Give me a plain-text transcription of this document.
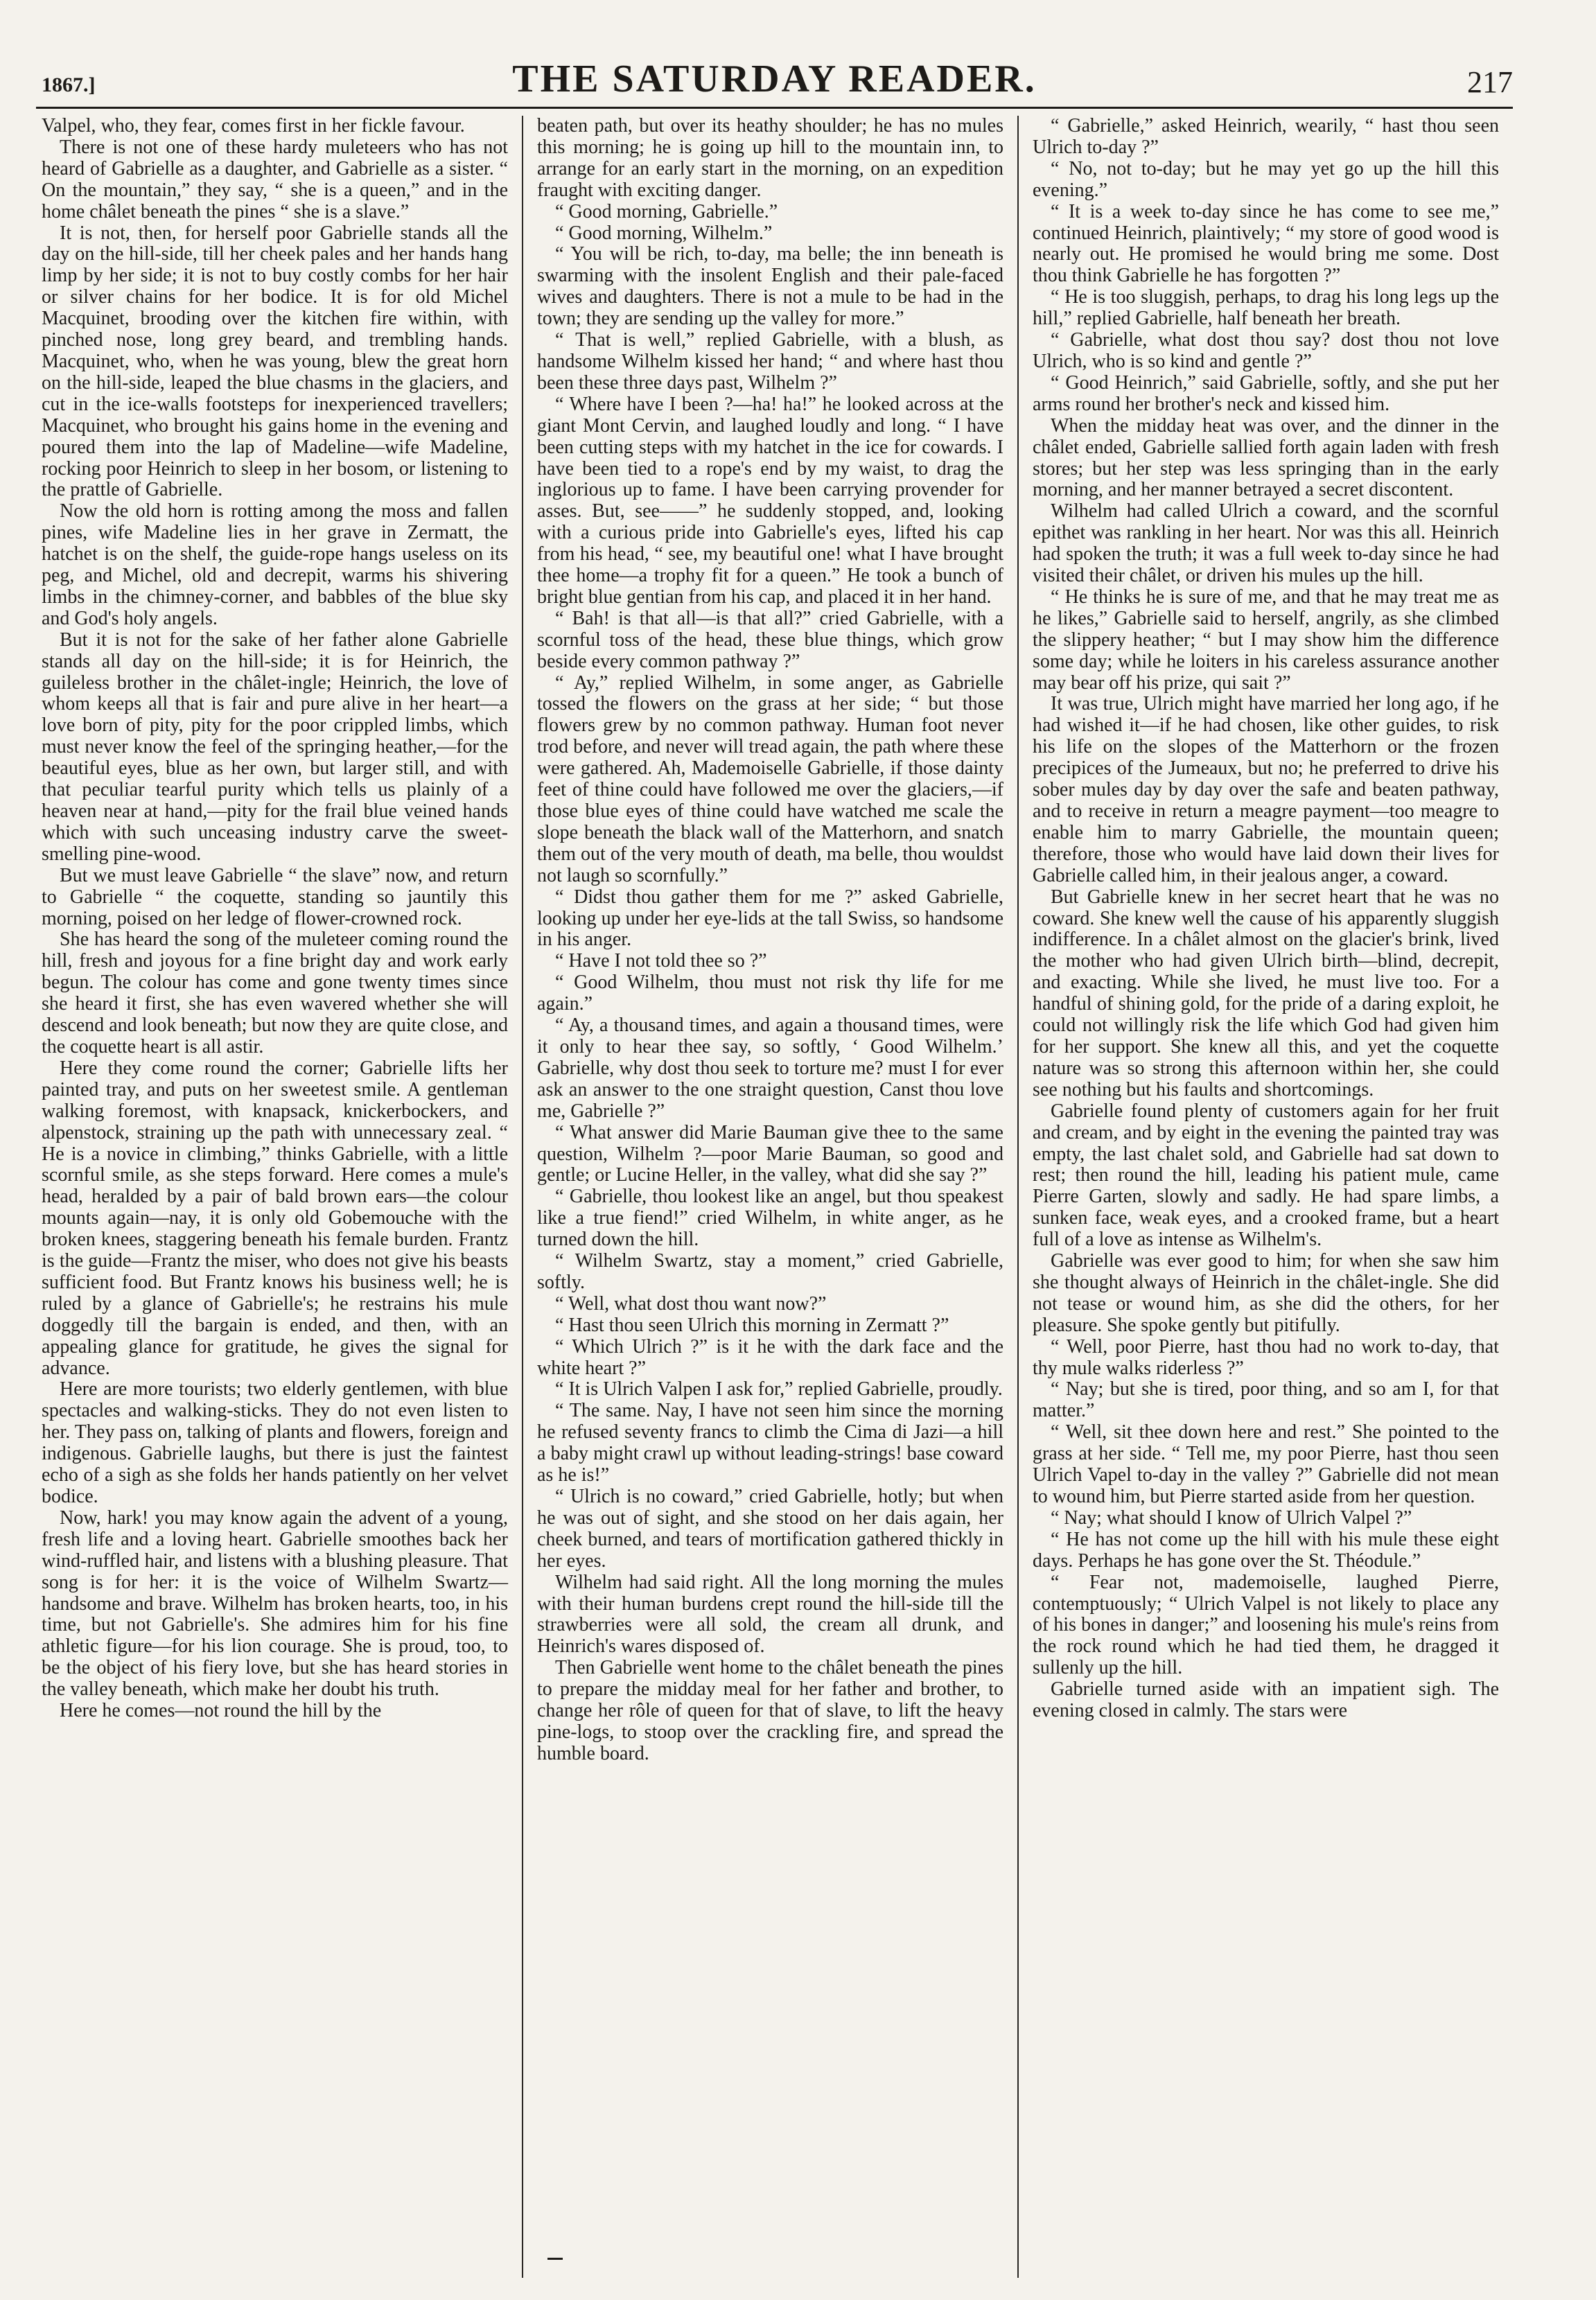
1867.]	THE SATURDAY READER.	217

Valpel, who, they fear, comes first in her fickle favour.

There is not one of these hardy muleteers who has not heard of Gabrielle as a daughter, and Gabrielle as a sister. “ On the mountain,” they say, “ she is a queen,” and in the home châlet beneath the pines “ she is a slave.”

It is not, then, for herself poor Gabrielle stands all the day on the hill-side, till her cheek pales and her hands hang limp by her side; it is not to buy costly combs for her hair or silver chains for her bodice. It is for old Michel Macquinet, brooding over the kitchen fire within, with pinched nose, long grey beard, and trembling hands. Macquinet, who, when he was young, blew the great horn on the hill-side, leaped the blue chasms in the glaciers, and cut in the ice-walls footsteps for inexperienced travellers; Macquinet, who brought his gains home in the evening and poured them into the lap of Madeline—wife Madeline, rocking poor Heinrich to sleep in her bosom, or listening to the prattle of Gabrielle.

Now the old horn is rotting among the moss and fallen pines, wife Madeline lies in her grave in Zermatt, the hatchet is on the shelf, the guide-rope hangs useless on its peg, and Michel, old and decrepit, warms his shivering limbs in the chimney-corner, and babbles of the blue sky and God's holy angels.

But it is not for the sake of her father alone Gabrielle stands all day on the hill-side; it is for Heinrich, the guileless brother in the châlet-ingle; Heinrich, the love of whom keeps all that is fair and pure alive in her heart—a love born of pity, pity for the poor crippled limbs, which must never know the feel of the springing heather,—for the beautiful eyes, blue as her own, but larger still, and with that peculiar tearful purity which tells us plainly of a heaven near at hand,—pity for the frail blue veined hands which with such unceasing industry carve the sweet-smelling pine-wood.

But we must leave Gabrielle “ the slave” now, and return to Gabrielle “ the coquette, standing so jauntily this morning, poised on her ledge of flower-crowned rock.

She has heard the song of the muleteer coming round the hill, fresh and joyous for a fine bright day and work early begun. The colour has come and gone twenty times since she heard it first, she has even wavered whether she will descend and look beneath; but now they are quite close, and the coquette heart is all astir.

Here they come round the corner; Gabrielle lifts her painted tray, and puts on her sweetest smile. A gentleman walking foremost, with knapsack, knickerbockers, and alpenstock, straining up the path with unnecessary zeal. “ He is a novice in climbing,” thinks Gabrielle, with a little scornful smile, as she steps forward. Here comes a mule's head, heralded by a pair of bald brown ears—the colour mounts again—nay, it is only old Gobemouche with the broken knees, staggering beneath his female burden. Frantz is the guide—Frantz the miser, who does not give his beasts sufficient food. But Frantz knows his business well; he is ruled by a glance of Gabrielle's; he restrains his mule doggedly till the bargain is ended, and then, with an appealing glance for gratitude, he gives the signal for advance.

Here are more tourists; two elderly gentlemen, with blue spectacles and walking-sticks. They do not even listen to her. They pass on, talking of plants and flowers, foreign and indigenous. Gabrielle laughs, but there is just the faintest echo of a sigh as she folds her hands patiently on her velvet bodice.

Now, hark! you may know again the advent of a young, fresh life and a loving heart. Gabrielle smoothes back her wind-ruffled hair, and listens with a blushing pleasure. That song is for her: it is the voice of Wilhelm Swartz—handsome and brave. Wilhelm has broken hearts, too, in his time, but not Gabrielle's. She admires him for his fine athletic figure—for his lion courage. She is proud, too, to be the object of his fiery love, but she has heard stories in the valley beneath, which make her doubt his truth.

Here he comes—not round the hill by the

beaten path, but over its heathy shoulder; he has no mules this morning; he is going up hill to the mountain inn, to arrange for an early start in the morning, on an expedition fraught with exciting danger.

“ Good morning, Gabrielle.”

“ Good morning, Wilhelm.”

“ You will be rich, to-day, ma belle; the inn beneath is swarming with the insolent English and their pale-faced wives and daughters. There is not a mule to be had in the town; they are sending up the valley for more.”

“ That is well,” replied Gabrielle, with a blush, as handsome Wilhelm kissed her hand; “ and where hast thou been these three days past, Wilhelm ?”

“ Where have I been ?—ha! ha!” he looked across at the giant Mont Cervin, and laughed loudly and long. “ I have been cutting steps with my hatchet in the ice for cowards. I have been tied to a rope's end by my waist, to drag the inglorious up to fame. I have been carrying provender for asses. But, see——” he suddenly stopped, and, looking with a curious pride into Gabrielle's eyes, lifted his cap from his head, “ see, my beautiful one! what I have brought thee home—a trophy fit for a queen.” He took a bunch of bright blue gentian from his cap, and placed it in her hand.

“ Bah! is that all—is that all?” cried Gabrielle, with a scornful toss of the head, these blue things, which grow beside every common pathway ?”

“ Ay,” replied Wilhelm, in some anger, as Gabrielle tossed the flowers on the grass at her side; “ but those flowers grew by no common pathway. Human foot never trod before, and never will tread again, the path where these were gathered. Ah, Mademoiselle Gabrielle, if those dainty feet of thine could have followed me over the glaciers,—if those blue eyes of thine could have watched me scale the slope beneath the black wall of the Matterhorn, and snatch them out of the very mouth of death, ma belle, thou wouldst not laugh so scornfully.”

“ Didst thou gather them for me ?” asked Gabrielle, looking up under her eye-lids at the tall Swiss, so handsome in his anger.

“ Have I not told thee so ?”

“ Good Wilhelm, thou must not risk thy life for me again.”

“ Ay, a thousand times, and again a thousand times, were it only to hear thee say, so softly, ‘ Good Wilhelm.’ Gabrielle, why dost thou seek to torture me? must I for ever ask an answer to the one straight question, Canst thou love me, Gabrielle ?”

“ What answer did Marie Bauman give thee to the same question, Wilhelm ?—poor Marie Bauman, so good and gentle; or Lucine Heller, in the valley, what did she say ?”

“ Gabrielle, thou lookest like an angel, but thou speakest like a true fiend!” cried Wilhelm, in white anger, as he turned down the hill.

“ Wilhelm Swartz, stay a moment,” cried Gabrielle, softly.

“ Well, what dost thou want now?”

“ Hast thou seen Ulrich this morning in Zermatt ?”

“ Which Ulrich ?” is it he with the dark face and the white heart ?”

“ It is Ulrich Valpen I ask for,” replied Gabrielle, proudly.

“ The same. Nay, I have not seen him since the morning he refused seventy francs to climb the Cima di Jazi—a hill a baby might crawl up without leading-strings! base coward as he is!”

“ Ulrich is no coward,” cried Gabrielle, hotly; but when he was out of sight, and she stood on her dais again, her cheek burned, and tears of mortification gathered thickly in her eyes.

Wilhelm had said right. All the long morning the mules with their human burdens crept round the hill-side till the strawberries were all sold, the cream all drunk, and Heinrich's wares disposed of.

Then Gabrielle went home to the châlet beneath the pines to prepare the midday meal for her father and brother, to change her rôle of queen for that of slave, to lift the heavy pine-logs, to stoop over the crackling fire, and spread the humble board.

“ Gabrielle,” asked Heinrich, wearily, “ hast thou seen Ulrich to-day ?”

“ No, not to-day; but he may yet go up the hill this evening.”

“ It is a week to-day since he has come to see me,” continued Heinrich, plaintively; “ my store of good wood is nearly out. He promised he would bring me some. Dost thou think Gabrielle he has forgotten ?”

“ He is too sluggish, perhaps, to drag his long legs up the hill,” replied Gabrielle, half beneath her breath.

“ Gabrielle, what dost thou say? dost thou not love Ulrich, who is so kind and gentle ?”

“ Good Heinrich,” said Gabrielle, softly, and she put her arms round her brother's neck and kissed him.

When the midday heat was over, and the dinner in the châlet ended, Gabrielle sallied forth again laden with fresh stores; but her step was less springing than in the early morning, and her manner betrayed a secret discontent.

Wilhelm had called Ulrich a coward, and the scornful epithet was rankling in her heart. Nor was this all. Heinrich had spoken the truth; it was a full week to-day since he had visited their châlet, or driven his mules up the hill.

“ He thinks he is sure of me, and that he may treat me as he likes,” Gabrielle said to herself, angrily, as she climbed the slippery heather; “ but I may show him the difference some day; while he loiters in his careless assurance another may bear off his prize, qui sait ?”

It was true, Ulrich might have married her long ago, if he had wished it—if he had chosen, like other guides, to risk his life on the slopes of the Matterhorn or the frozen precipices of the Jumeaux, but no; he preferred to drive his sober mules day by day over the safe and beaten pathway, and to receive in return a meagre payment—too meagre to enable him to marry Gabrielle, the mountain queen; therefore, those who would have laid down their lives for Gabrielle called him, in their jealous anger, a coward.

But Gabrielle knew in her secret heart that he was no coward. She knew well the cause of his apparently sluggish indifference. In a châlet almost on the glacier's brink, lived the mother who had given Ulrich birth—blind, decrepit, and exacting. While she lived, he must live too. For a handful of shining gold, for the pride of a daring exploit, he could not willingly risk the life which God had given him for her support. She knew all this, and yet the coquette nature was so strong this afternoon within her, she could see nothing but his faults and shortcomings.

Gabrielle found plenty of customers again for her fruit and cream, and by eight in the evening the painted tray was empty, the last chalet sold, and Gabrielle had sat down to rest; then round the hill, leading his patient mule, came Pierre Garten, slowly and sadly. He had spare limbs, a sunken face, weak eyes, and a crooked frame, but a heart full of a love as intense as Wilhelm's.

Gabrielle was ever good to him; for when she saw him she thought always of Heinrich in the châlet-ingle. She did not tease or wound him, as she did the others, for her pleasure. She spoke gently but pitifully.

“ Well, poor Pierre, hast thou had no work to-day, that thy mule walks riderless ?”

“ Nay; but she is tired, poor thing, and so am I, for that matter.”

“ Well, sit thee down here and rest.” She pointed to the grass at her side. “ Tell me, my poor Pierre, hast thou seen Ulrich Vapel to-day in the valley ?” Gabrielle did not mean to wound him, but Pierre started aside from her question.

“ Nay; what should I know of Ulrich Valpel ?”

“ He has not come up the hill with his mule these eight days. Perhaps he has gone over the St. Théodule.”

“ Fear not, mademoiselle, laughed Pierre, contemptuously; “ Ulrich Valpel is not likely to place any of his bones in danger;” and loosening his mule's reins from the rock round which he had tied them, he dragged it sullenly up the hill.

Gabrielle turned aside with an impatient sigh. The evening closed in calmly. The stars were
